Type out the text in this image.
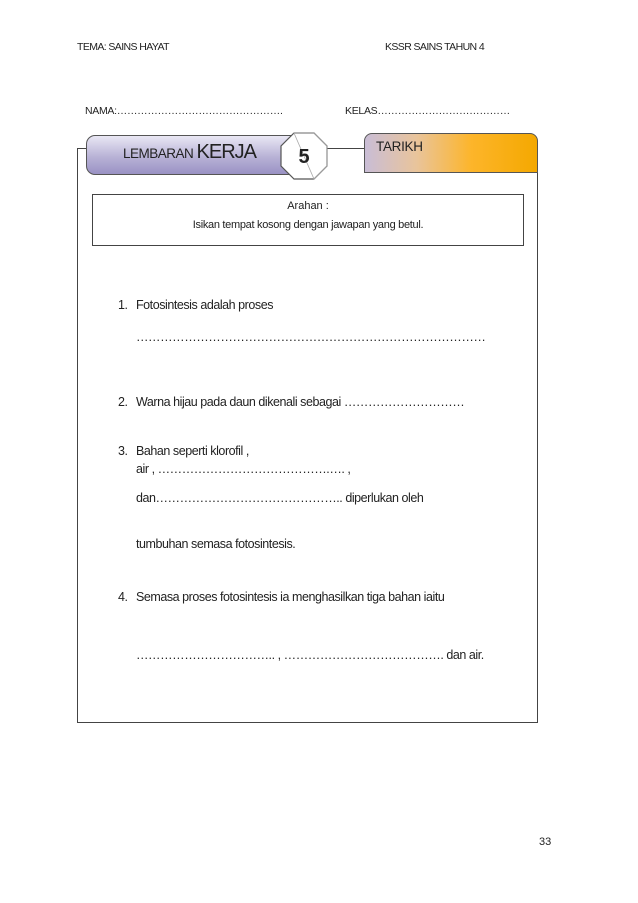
TEMA: SAINS HAYAT	KSSR SAINS TAHUN 4
NAMA:………………………………………….	KELAS…………………………………
LEMBARAN KERJA 5	TARIKH
Arahan :
Isikan tempat kosong dengan jawapan yang betul.
1. Fotosintesis adalah proses
……………………………………………………………………………
2. Warna hijau pada daun dikenali sebagai …………………………
3. Bahan seperti klorofil ,
air , …………………………………….…. ,
dan……………………………………….. diperlukan oleh
tumbuhan semasa fotosintesis.
4. Semasa proses fotosintesis ia menghasilkan tiga bahan iaitu
…………………………….. , …………………………………. dan air.
33
